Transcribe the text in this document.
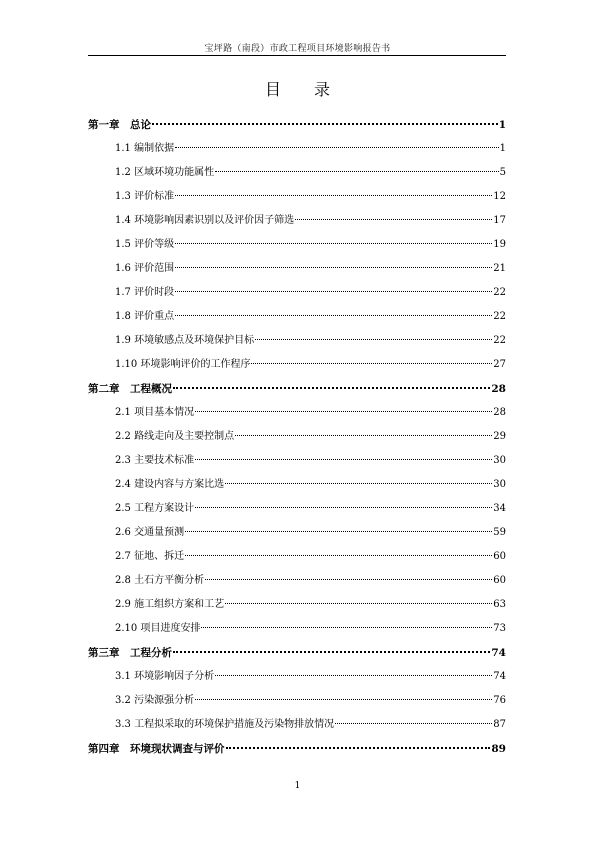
宝坪路（南段）市政工程项目环境影响报告书
目 录
第一章　总论	1
1.1 编制依据	1
1.2 区域环境功能属性	5
1.3 评价标准	12
1.4 环境影响因素识别以及评价因子筛选	17
1.5 评价等级	19
1.6 评价范围	21
1.7 评价时段	22
1.8 评价重点	22
1.9 环境敏感点及环境保护目标	22
1.10 环境影响评价的工作程序	27
第二章　工程概况	28
2.1 项目基本情况	28
2.2 路线走向及主要控制点	29
2.3 主要技术标准	30
2.4 建设内容与方案比选	30
2.5 工程方案设计	34
2.6 交通量预测	59
2.7 征地、拆迁	60
2.8 土石方平衡分析	60
2.9 施工组织方案和工艺	63
2.10 项目进度安排	73
第三章　工程分析	74
3.1 环境影响因子分析	74
3.2 污染源强分析	76
3.3 工程拟采取的环境保护措施及污染物排放情况	87
第四章　环境现状调查与评价	89
1
